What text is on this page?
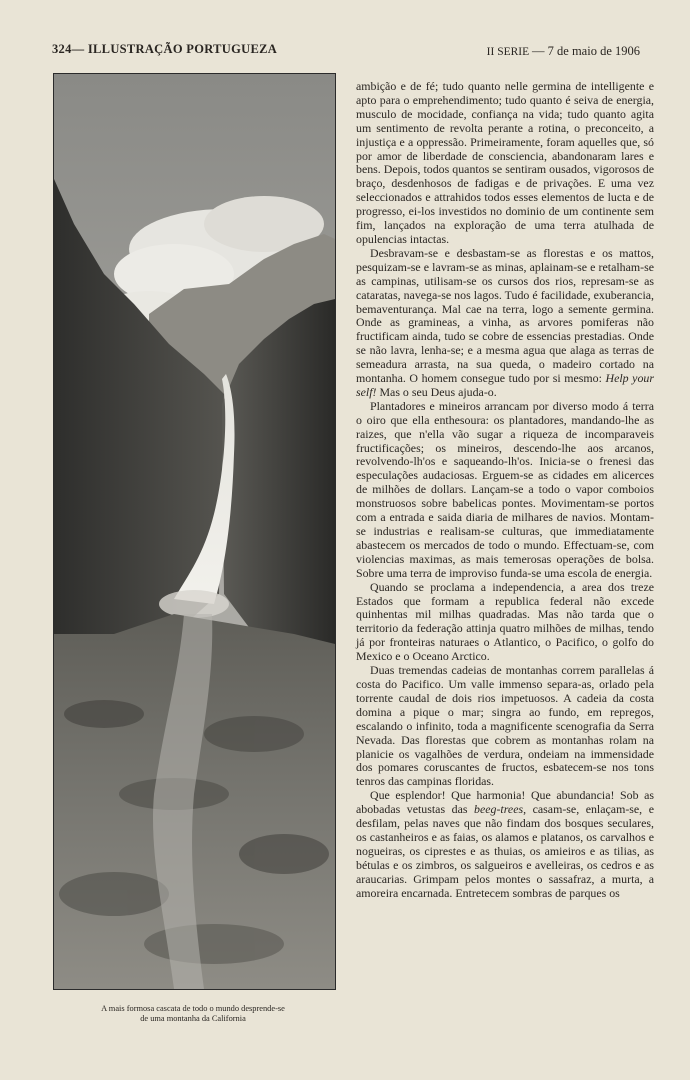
324— ILLUSTRAÇÃO PORTUGUEZA	II SERIE — 7 de maio de 1906
A mais formosa cascata de todo o mundo desprende-se
de uma montanha da California

ambição e de fé; tudo quanto nelle germina de intelligente e apto para o emprehendimento; tudo quanto é seiva de energia, musculo de mocidade, confiança na vida; tudo quanto agita um sentimento de revolta perante a rotina, o preconceito, a injustiça e a oppressão. Primeiramente, foram aquelles que, só por amor de liberdade de consciencia, abandonaram lares e bens. Depois, todos quantos se sentiram ousados, vigorosos de braço, desdenhosos de fadigas e de privações. E uma vez seleccionados e attrahidos todos esses elementos de lucta e de progresso, ei-los investidos no dominio de um continente sem fim, lançados na exploração de uma terra atulhada de opulencias intactas.

Desbravam-se e desbastam-se as florestas e os mattos, pesquizam-se e lavram-se as minas, aplainam-se e retalham-se as campinas, utilisam-se os cursos dos rios, represam-se as cataratas, navega-se nos lagos. Tudo é facilidade, exuberancia, bemaventurança. Mal cae na terra, logo a semente germina. Onde as gramineas, a vinha, as arvores pomiferas não fructificam ainda, tudo se cobre de essencias prestadias. Onde se não lavra, lenha-se; e a mesma agua que alaga as terras de semeadura arrasta, na sua queda, o madeiro cortado na montanha. O homem consegue tudo por si mesmo: Help your self! Mas o seu Deus ajuda-o.

Plantadores e mineiros arrancam por diverso modo á terra o oiro que ella enthesoura: os plantadores, mandando-lhe as raizes, que n'ella vão sugar a riqueza de incomparaveis fructificações; os mineiros, descendo-lhe aos arcanos, revolvendo-lh'os e saqueando-lh'os. Inicia-se o frenesi das especulações audaciosas. Erguem-se as cidades em alicerces de milhões de dollars. Lançam-se a todo o vapor comboios monstruosos sobre babelicas pontes. Movimentam-se portos com a entrada e saida diaria de milhares de navios. Montam-se industrias e realisam-se culturas, que immediatamente abastecem os mercados de todo o mundo. Effectuam-se, com violencias maximas, as mais temerosas operações de bolsa. Sobre uma terra de improviso funda-se uma escola de energia.

Quando se proclama a independencia, a area dos treze Estados que formam a republica federal não excede quinhentas mil milhas quadradas. Mas não tarda que o territorio da federação attinja quatro milhões de milhas, tendo já por fronteiras naturaes o Atlantico, o Pacifico, o golfo do Mexico e o Oceano Arctico.

Duas tremendas cadeias de montanhas correm parallelas á costa do Pacifico. Um valle immenso separa-as, orlado pela torrente caudal de dois rios impetuosos. A cadeia da costa domina a pique o mar; singra ao fundo, em repregos, escalando o infinito, toda a magnificente scenografia da Serra Nevada. Das florestas que cobrem as montanhas rolam na planicie os vagalhões de verdura, ondeiam na immensidade dos pomares coruscantes de fructos, esbatecem-se nos tons tenros das campinas floridas.

Que esplendor! Que harmonia! Que abundancia! Sob as abobadas vetustas das beeg-trees, casam-se, enlaçam-se, e desfilam, pelas naves que não findam dos bosques seculares, os castanheiros e as faias, os alamos e platanos, os carvalhos e nogueiras, os ciprestes e as thuias, os amieiros e as tilias, as bétulas e os zimbros, os salgueiros e avelleiras, os cedros e as araucarias. Grimpam pelos montes o sassafraz, a murta, a amoreira encarnada. Entretecem sombras de parques os
